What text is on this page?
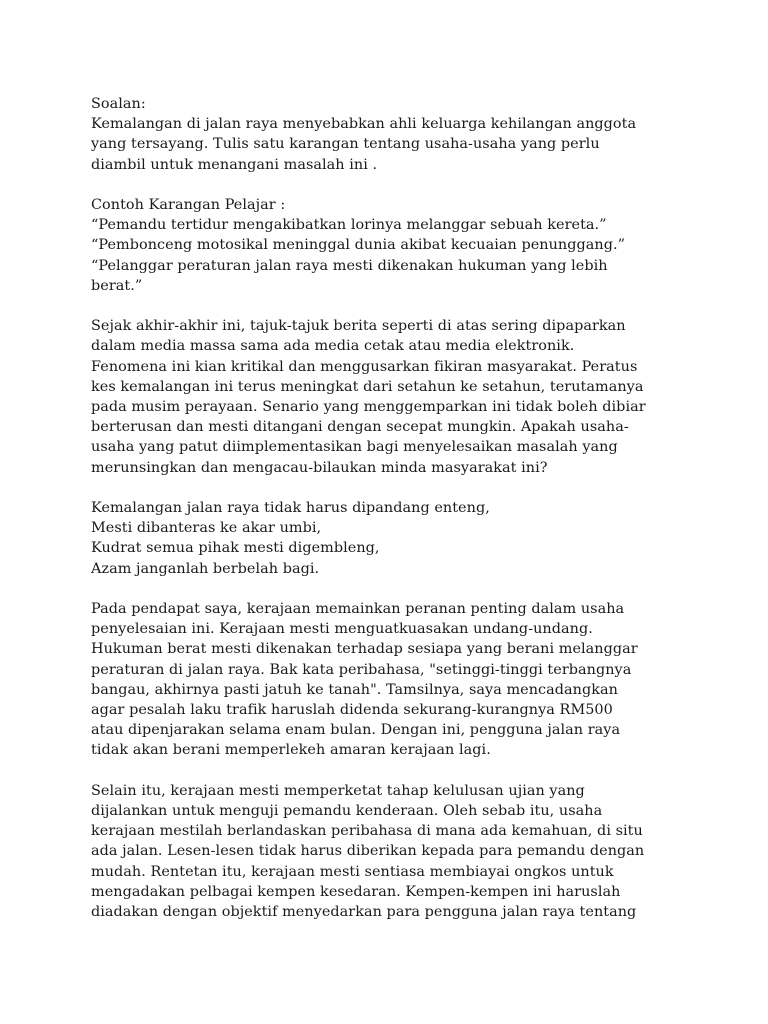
Soalan:
Kemalangan di jalan raya menyebabkan ahli keluarga kehilangan anggota
yang tersayang. Tulis satu karangan tentang usaha-usaha yang perlu
diambil untuk menangani masalah ini .
Contoh Karangan Pelajar :
“Pemandu tertidur mengakibatkan lorinya melanggar sebuah kereta.”
“Pembonceng motosikal meninggal dunia akibat kecuaian penunggang.”
“Pelanggar peraturan jalan raya mesti dikenakan hukuman yang lebih
berat.”
Sejak akhir-akhir ini, tajuk-tajuk berita seperti di atas sering dipaparkan
dalam media massa sama ada media cetak atau media elektronik.
Fenomena ini kian kritikal dan menggusarkan fikiran masyarakat. Peratus
kes kemalangan ini terus meningkat dari setahun ke setahun, terutamanya
pada musim perayaan. Senario yang menggemparkan ini tidak boleh dibiar
berterusan dan mesti ditangani dengan secepat mungkin. Apakah usaha-
usaha yang patut diimplementasikan bagi menyelesaikan masalah yang
merunsingkan dan mengacau-bilaukan minda masyarakat ini?
Kemalangan jalan raya tidak harus dipandang enteng,
Mesti dibanteras ke akar umbi,
Kudrat semua pihak mesti digembleng,
Azam janganlah berbelah bagi.
Pada pendapat saya, kerajaan memainkan peranan penting dalam usaha
penyelesaian ini. Kerajaan mesti menguatkuasakan undang-undang.
Hukuman berat mesti dikenakan terhadap sesiapa yang berani melanggar
peraturan di jalan raya. Bak kata peribahasa, "setinggi-tinggi terbangnya
bangau, akhirnya pasti jatuh ke tanah". Tamsilnya, saya mencadangkan
agar pesalah laku trafik haruslah didenda sekurang-kurangnya RM500
atau dipenjarakan selama enam bulan. Dengan ini, pengguna jalan raya
tidak akan berani memperlekeh amaran kerajaan lagi.
Selain itu, kerajaan mesti memperketat tahap kelulusan ujian yang
dijalankan untuk menguji pemandu kenderaan. Oleh sebab itu, usaha
kerajaan mestilah berlandaskan peribahasa di mana ada kemahuan, di situ
ada jalan. Lesen-lesen tidak harus diberikan kepada para pemandu dengan
mudah. Rentetan itu, kerajaan mesti sentiasa membiayai ongkos untuk
mengadakan pelbagai kempen kesedaran. Kempen-kempen ini haruslah
diadakan dengan objektif menyedarkan para pengguna jalan raya tentang
